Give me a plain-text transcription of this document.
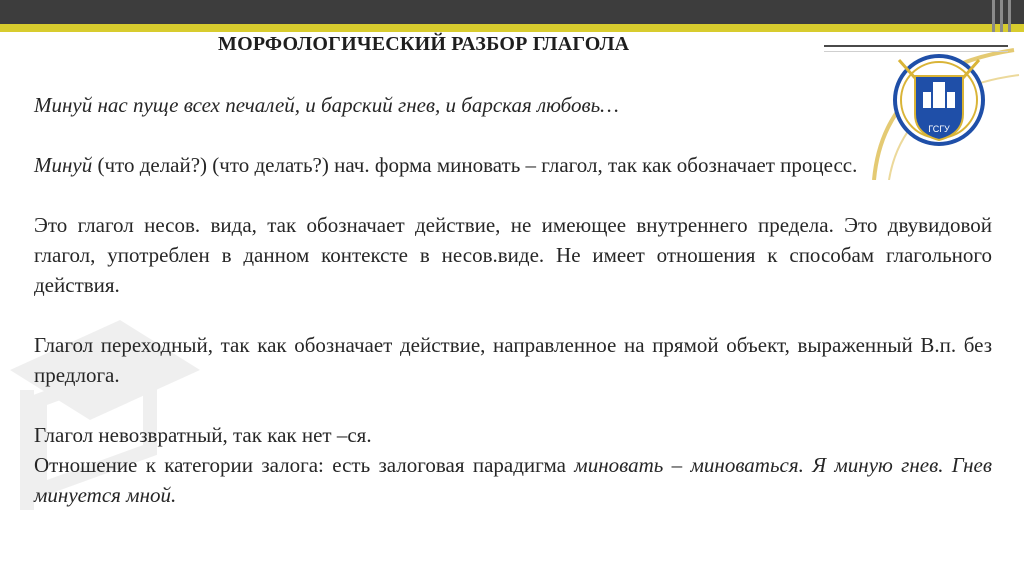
ГСГУ
МОРФОЛОГИЧЕСКИЙ РАЗБОР ГЛАГОЛА

Минуй нас пуще всех печалей, и барский гнев, и барская любовь…

Минуй (что делай?) (что делать?) нач. форма миновать – глагол, так как обозначает процесс.

Это глагол несов. вида, так обозначает действие, не имеющее внутреннего предела. Это двувидовой глагол, употреблен в данном контексте в несов.виде. Не имеет отношения к способам глагольного действия.

Глагол переходный, так как обозначает действие, направленное на прямой объект, выраженный В.п. без предлога.

Глагол невозвратный, так как нет –ся.

Отношение к категории залога: есть залоговая парадигма миновать – миноваться. Я миную гнев. Гнев минуется мной.
